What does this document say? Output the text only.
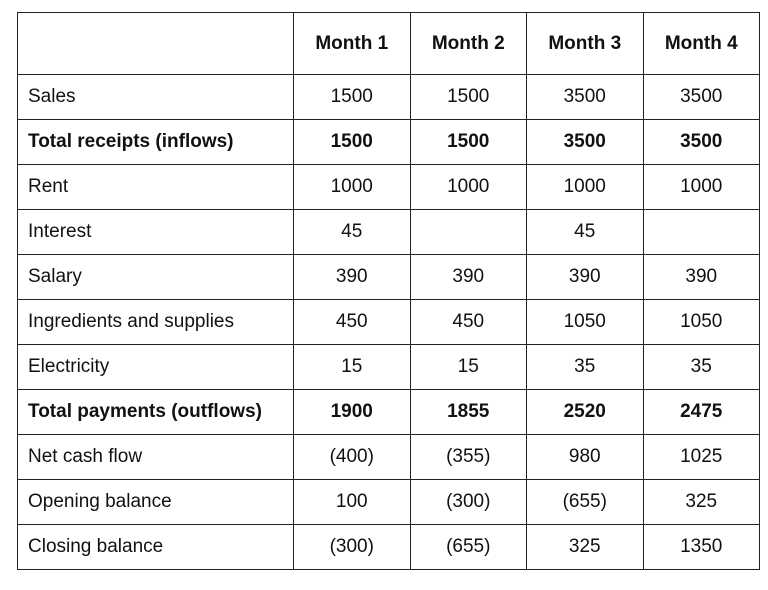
	Month 1	Month 2	Month 3	Month 4
Sales	1500	1500	3500	3500
Total receipts (inflows)	1500	1500	3500	3500
Rent	1000	1000	1000	1000
Interest	45		45	
Salary	390	390	390	390
Ingredients and supplies	450	450	1050	1050
Electricity	15	15	35	35
Total payments (outflows)	1900	1855	2520	2475
Net cash flow	(400)	(355)	980	1025
Opening balance	100	(300)	(655)	325
Closing balance	(300)	(655)	325	1350
